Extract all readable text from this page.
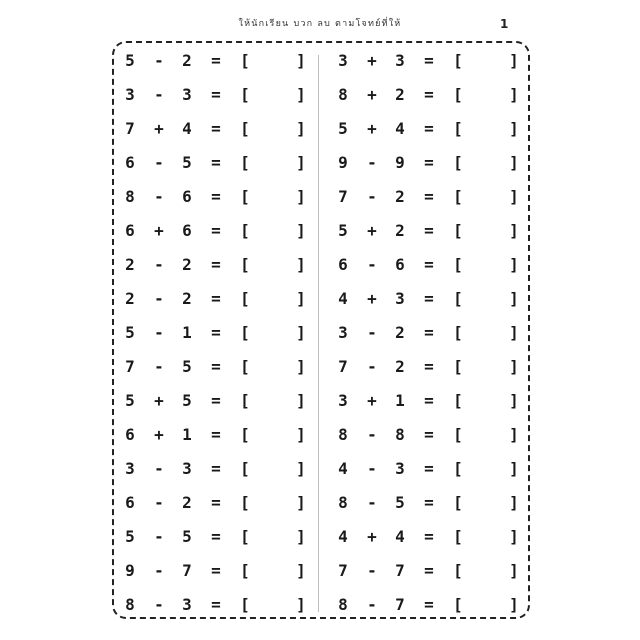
ให้นักเรียน บวก ลบ ตามโจทย์ที่ให้	1
5 - 2 = [	]
3 - 3 = [	]
7 + 4 = [	]
6 - 5 = [	]
8 - 6 = [	]
6 + 6 = [	]
2 - 2 = [	]
2 - 2 = [	]
5 - 1 = [	]
7 - 5 = [	]
5 + 5 = [	]
6 + 1 = [	]
3 - 3 = [	]
6 - 2 = [	]
5 - 5 = [	]
9 - 7 = [	]
8 - 3 = [	]
3 + 3 = [	]
8 + 2 = [	]
5 + 4 = [	]
9 - 9 = [	]
7 - 2 = [	]
5 + 2 = [	]
6 - 6 = [	]
4 + 3 = [	]
3 - 2 = [	]
7 - 2 = [	]
3 + 1 = [	]
8 - 8 = [	]
4 - 3 = [	]
8 - 5 = [	]
4 + 4 = [	]
7 - 7 = [	]
8 - 7 = [	]
